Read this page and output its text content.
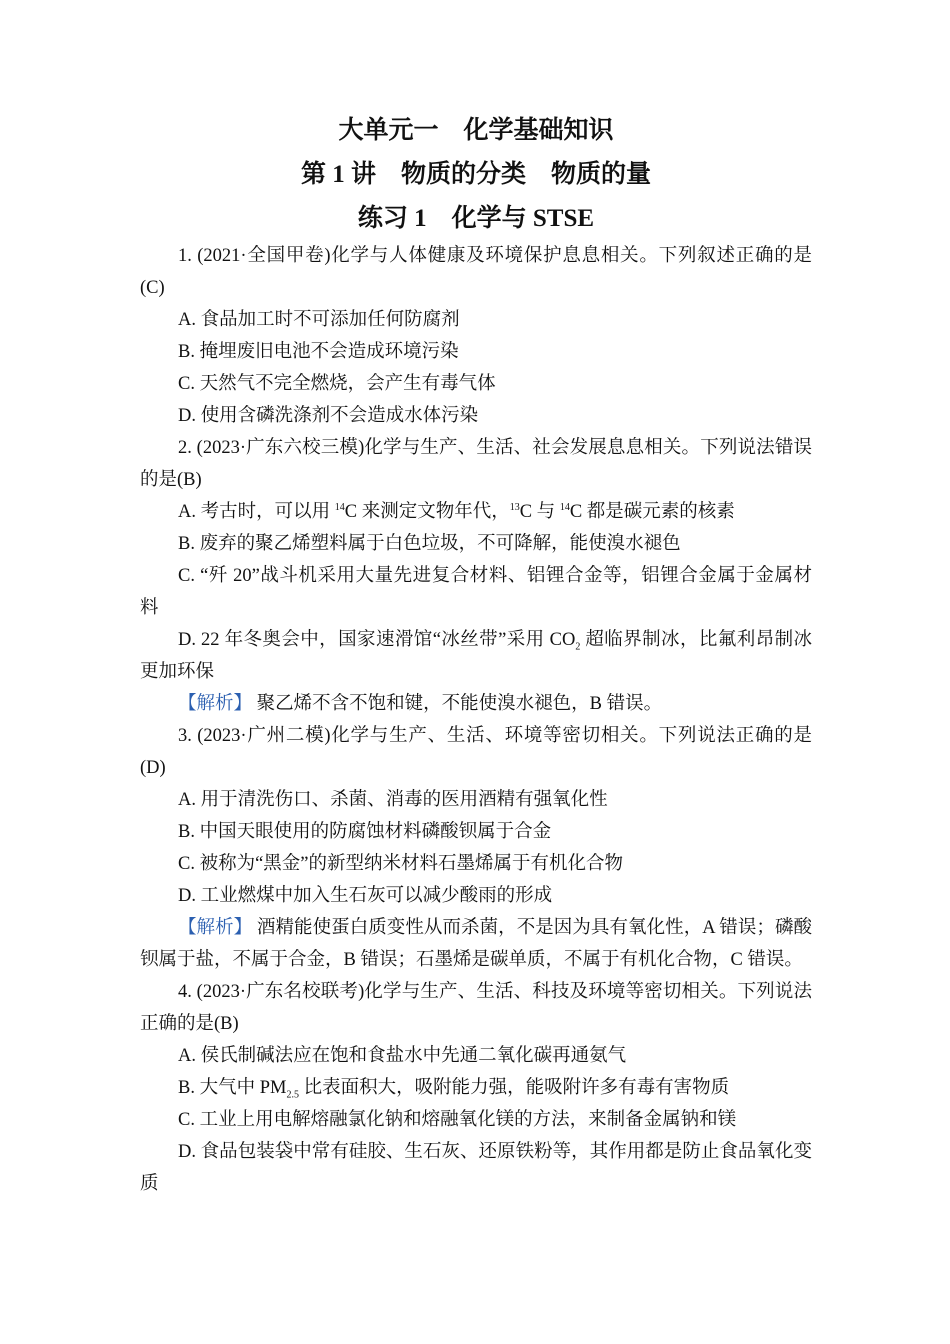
大单元一　化学基础知识

第 1 讲　物质的分类　物质的量

练习 1　化学与 STSE

1. (2021·全国甲卷)化学与人体健康及环境保护息息相关。下列叙述正确的是(C)

A. 食品加工时不可添加任何防腐剂

B. 掩埋废旧电池不会造成环境污染

C. 天然气不完全燃烧，会产生有毒气体

D. 使用含磷洗涤剂不会造成水体污染

2. (2023·广东六校三模)化学与生产、生活、社会发展息息相关。下列说法错误的是(B)

A. 考古时，可以用 $^{14}$C 来测定文物年代，$^{13}$C 与 $^{14}$C 都是碳元素的核素

B. 废弃的聚乙烯塑料属于白色垃圾，不可降解，能使溴水褪色

C. “歼 20”战斗机采用大量先进复合材料、铝锂合金等，铝锂合金属于金属材料

D. 22 年冬奥会中，国家速滑馆“冰丝带”采用 $CO_2$ 超临界制冰，比氟利昂制冰更加环保

【解析】 聚乙烯不含不饱和键，不能使溴水褪色，B 错误。

3. (2023·广州二模)化学与生产、生活、环境等密切相关。下列说法正确的是(D)

A. 用于清洗伤口、杀菌、消毒的医用酒精有强氧化性

B. 中国天眼使用的防腐蚀材料磷酸钡属于合金

C. 被称为“黑金”的新型纳米材料石墨烯属于有机化合物

D. 工业燃煤中加入生石灰可以减少酸雨的形成

【解析】 酒精能使蛋白质变性从而杀菌，不是因为具有氧化性，A 错误；磷酸钡属于盐，不属于合金，B 错误；石墨烯是碳单质，不属于有机化合物，C 错误。

4. (2023·广东名校联考)化学与生产、生活、科技及环境等密切相关。下列说法正确的是(B)

A. 侯氏制碱法应在饱和食盐水中先通二氧化碳再通氨气

B. 大气中 $PM_{2.5}$ 比表面积大，吸附能力强，能吸附许多有毒有害物质

C. 工业上用电解熔融氯化钠和熔融氧化镁的方法，来制备金属钠和镁

D. 食品包装袋中常有硅胶、生石灰、还原铁粉等，其作用都是防止食品氧化变质
